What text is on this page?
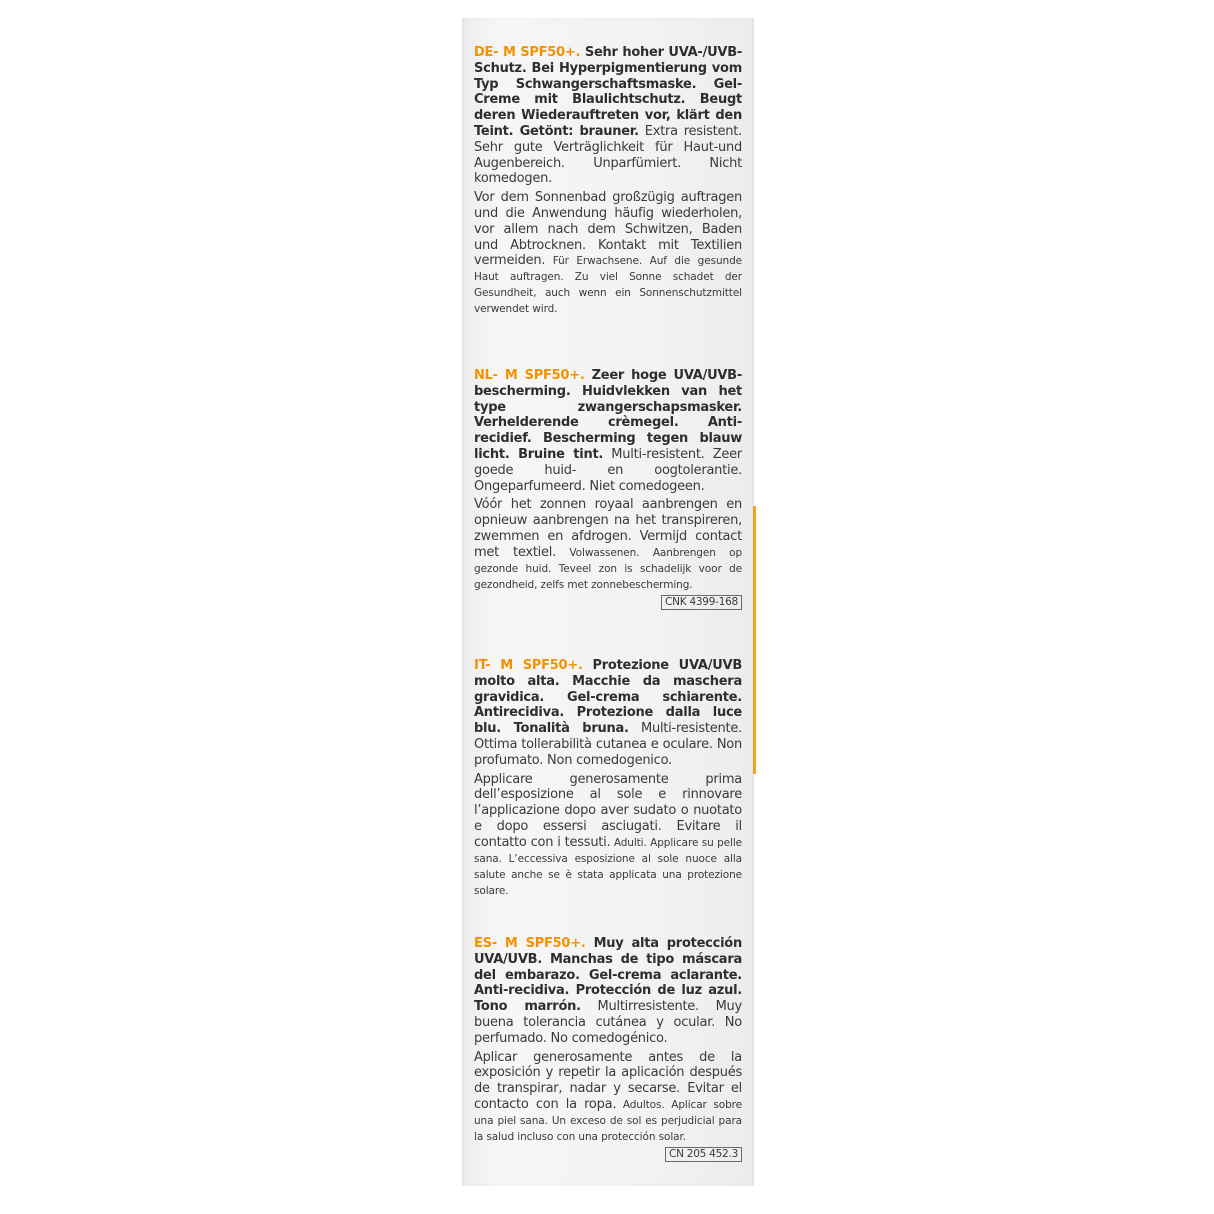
DE- M SPF50+. Sehr hoher UVA-/UVB-Schutz. Bei Hyperpigmentierung vom Typ Schwangerschaftsmaske. Gel-Creme mit Blaulichtschutz. Beugt deren Wiederauftreten vor, klärt den Teint. Getönt: brauner. Extra resistent. Sehr gute Verträglichkeit für Haut-und Augenbereich. Unparfümiert. Nicht komedogen.

Vor dem Sonnenbad großzügig auftragen und die Anwendung häufig wiederholen, vor allem nach dem Schwitzen, Baden und Abtrocknen. Kontakt mit Textilien vermeiden. Für Erwachsene. Auf die gesunde Haut auftragen. Zu viel Sonne schadet der Gesundheit, auch wenn ein Sonnenschutzmittel verwendet wird.

NL- M SPF50+. Zeer hoge UVA/UVB-bescherming. Huidvlekken van het type zwangerschapsmasker. Verhelderende crèmegel. Anti-recidief. Bescherming tegen blauw licht. Bruine tint. Multi-resistent. Zeer goede huid- en oogtolerantie. Ongeparfumeerd. Niet comedogeen.

Vóór het zonnen royaal aanbrengen en opnieuw aanbrengen na het transpireren, zwemmen en afdrogen. Vermijd contact met textiel. Volwassenen. Aanbrengen op gezonde huid. Teveel zon is schadelijk voor de gezondheid, zelfs met zonnebescherming.

CNK 4399-168

IT- M SPF50+. Protezione UVA/UVB molto alta. Macchie da maschera gravidica. Gel-crema schiarente. Antirecidiva. Protezione dalla luce blu. Tonalità bruna. Multi-resistente. Ottima tollerabilità cutanea e oculare. Non profumato. Non comedogenico.

Applicare generosamente prima dell’esposizione al sole e rinnovare l’applicazione dopo aver sudato o nuotato e dopo essersi asciugati. Evitare il contatto con i tessuti. Adulti. Applicare su pelle sana. L’eccessiva esposizione al sole nuoce alla salute anche se è stata applicata una protezione solare.

ES- M SPF50+. Muy alta protección UVA/UVB. Manchas de tipo máscara del embarazo. Gel-crema aclarante. Anti-recidiva. Protección de luz azul. Tono marrón. Multirresistente. Muy buena tolerancia cutánea y ocular. No perfumado. No comedogénico.

Aplicar generosamente antes de la exposición y repetir la aplicación después de transpirar, nadar y secarse. Evitar el contacto con la ropa. Adultos. Aplicar sobre una piel sana. Un exceso de sol es perjudicial para la salud incluso con una protección solar.

CN 205 452.3
